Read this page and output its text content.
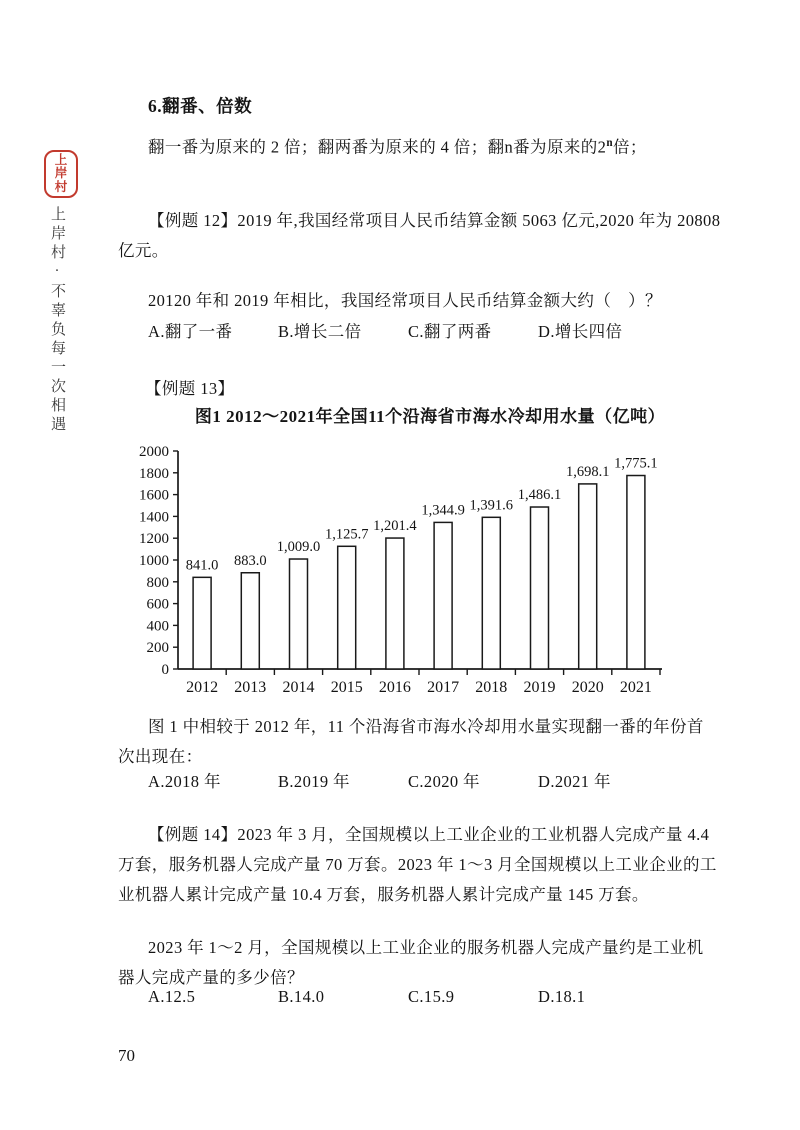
上岸村
上岸村·不辜负每一次相遇
6.翻番、倍数
翻一番为原来的 2 倍；翻两番为原来的 4 倍；翻n番为原来的2$^n$倍；
【例题 12】2019 年,我国经常项目人民币结算金额 5063 亿元,2020 年为 20808
亿元。
20120 年和 2019 年相比，我国经常项目人民币结算金额大约（　）？
A.翻了一番	B.增长二倍	C.翻了两番	D.增长四倍
【例题 13】
图1 2012～2021年全国11个沿海省市海水冷却用水量（亿吨）
0
200
400
600
800
1000
1200
1400
1600
1800
2000
841.0
2012
883.0
2013
1,009.0
2014
1,125.7
2015
1,201.4
2016
1,344.9
2017
1,391.6
2018
1,486.1
2019
1,698.1
2020
1,775.1
2021
图 1 中相较于 2012 年，11 个沿海省市海水冷却用水量实现翻一番的年份首
次出现在：
A.2018 年	B.2019 年	C.2020 年	D.2021 年
【例题 14】2023 年 3 月，全国规模以上工业企业的工业机器人完成产量 4.4
万套，服务机器人完成产量 70 万套。2023 年 1～3 月全国规模以上工业企业的工
业机器人累计完成产量 10.4 万套，服务机器人累计完成产量 145 万套。
2023 年 1～2 月，全国规模以上工业企业的服务机器人完成产量约是工业机
器人完成产量的多少倍？
A.12.5	B.14.0	C.15.9	D.18.1
70
